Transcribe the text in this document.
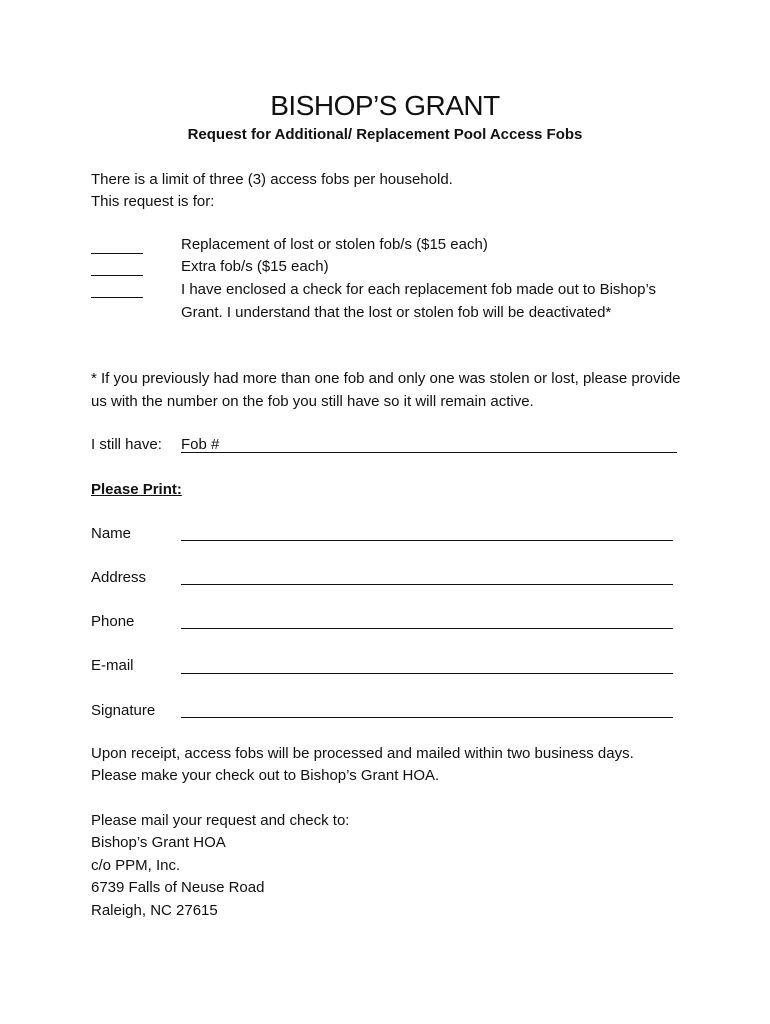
BISHOP’S GRANT
Request for Additional/ Replacement Pool Access Fobs
There is a limit of three (3) access fobs per household.
This request is for:
Replacement of lost or stolen fob/s ($15 each)
Extra fob/s ($15 each)
I have enclosed a check for each replacement fob made out to Bishop’s Grant. I understand that the lost or stolen fob will be deactivated*
* If you previously had more than one fob and only one was stolen or lost, please provide us with the number on the fob you still have so it will remain active.
I still have: Fob #
Please Print:
Name
Address
Phone
E-mail
Signature
Upon receipt, access fobs will be processed and mailed within two business days.
Please make your check out to Bishop’s Grant HOA.
Please mail your request and check to:
Bishop’s Grant HOA
c/o PPM, Inc.
6739 Falls of Neuse Road
Raleigh, NC 27615
